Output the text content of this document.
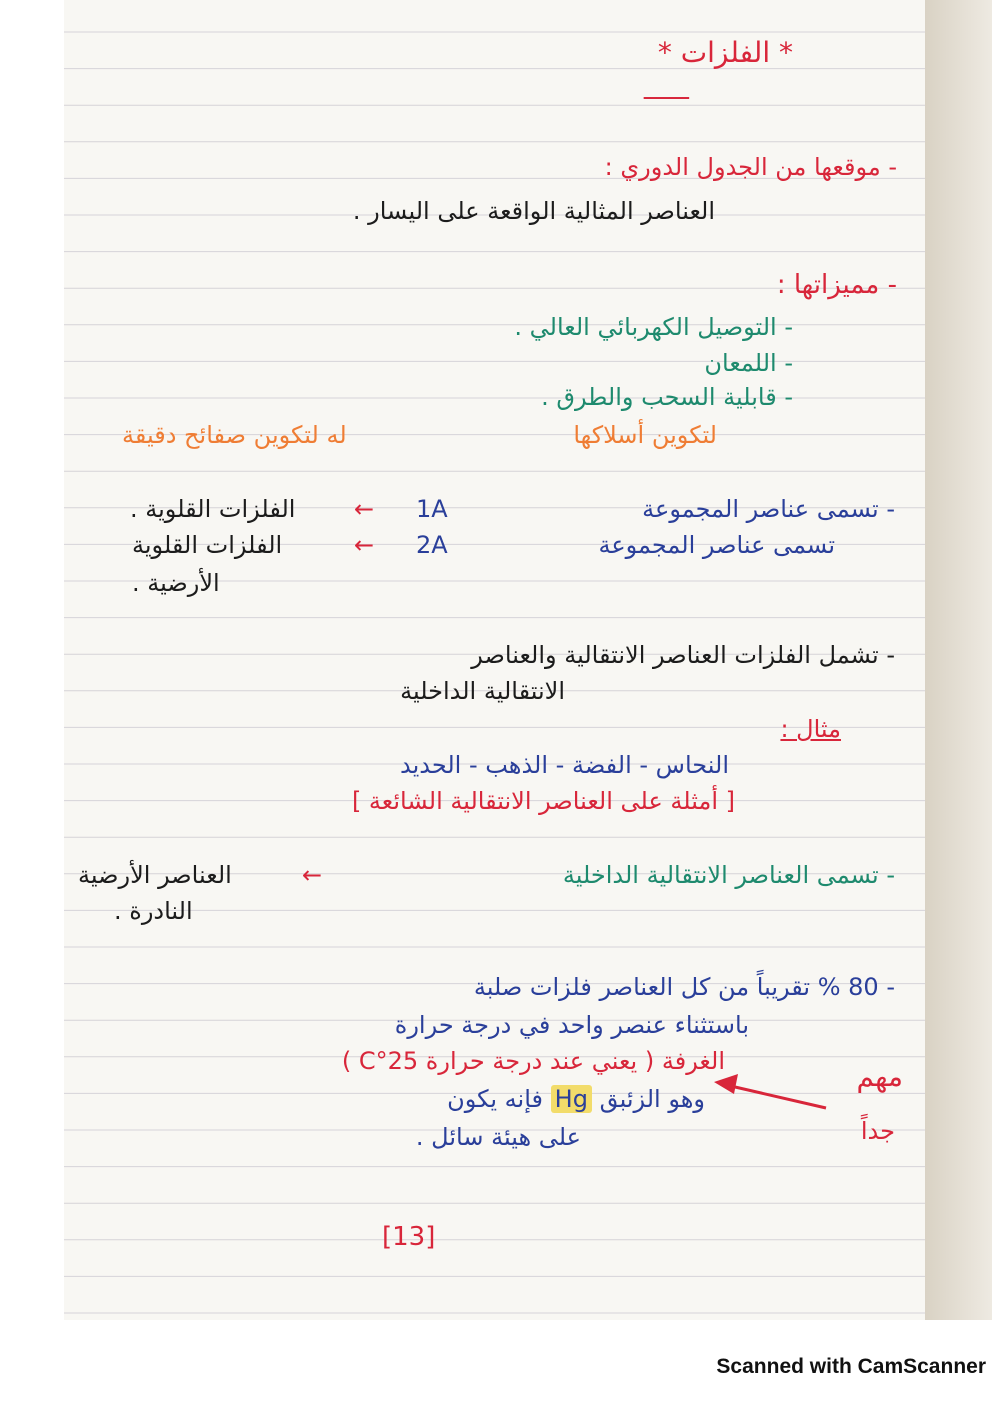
* الفلزات *
ـــــــ
- موقعها من الجدول الدوري :
العناصر المثالية الواقعة على اليسار .
- مميزاتها :
- التوصيل الكهربائي العالي .
- اللمعان
- قابلية السحب والطرق .
لتكوين أسلاكها
له لتكوين صفائح دقيقة
الفلزات القلوية . ← 1A	- تسمى عناصر المجموعة
الفلزات القلوية	← 2A	تسمى عناصر المجموعة
الأرضية .
- تشمل الفلزات العناصر الانتقالية والعناصر
الانتقالية الداخلية
مثال :
النحاس - الفضة - الذهب - الحديد
[ أمثلة على العناصر الانتقالية الشائعة ]
- تسمى العناصر الانتقالية الداخلية
←
العناصر الأرضية
النادرة .
- 80 % تقريباً من كل العناصر فلزات صلبة
باستثناء عنصر واحد في درجة حرارة
الغرفة ( يعني عند درجة حرارة 25°C )
وهو الزئبق Hg فإنه يكون
على هيئة سائل .
مهم
جداً
[13]
Scanned with CamScanner
